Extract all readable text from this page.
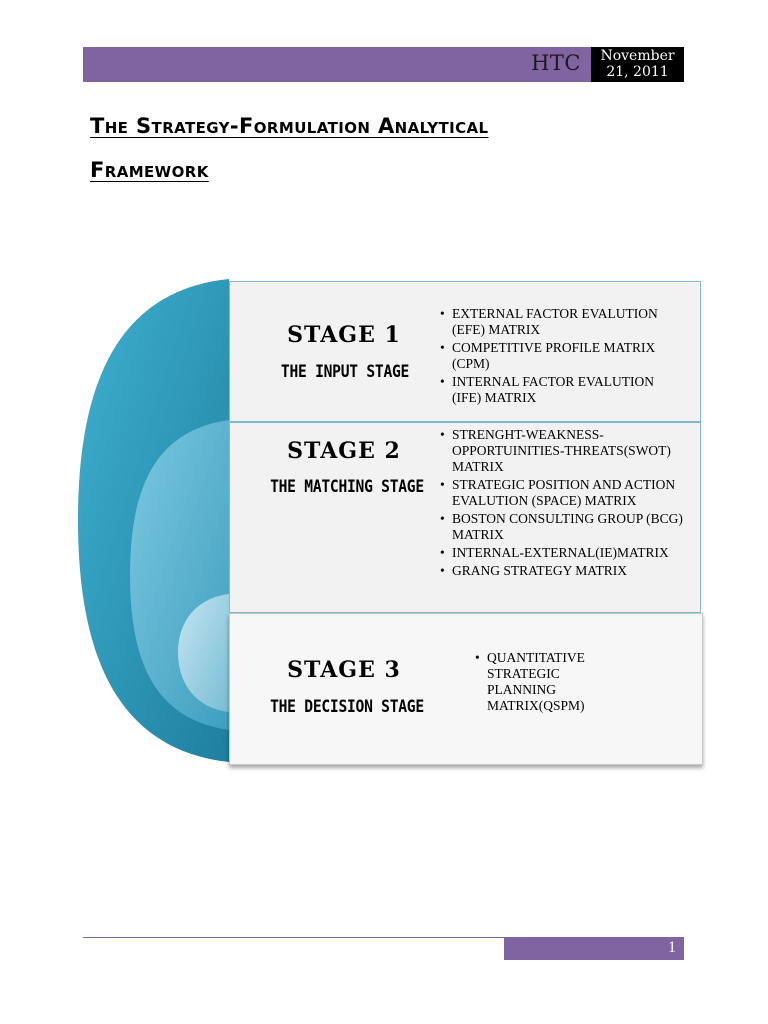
HTC	November
21, 2011
The Strategy-Formulation Analytical
Framework
STAGE 1
THE INPUT STAGE
• EXTERNAL FACTOR EVALUTION (EFE) MATRIX
• COMPETITIVE PROFILE MATRIX (CPM)
• INTERNAL FACTOR EVALUTION (IFE) MATRIX
STAGE 2
THE MATCHING STAGE
• STRENGHT-WEAKNESS-OPPORTUINITIES-THREATS(SWOT) MATRIX
• STRATEGIC POSITION AND ACTION EVALUTION (SPACE) MATRIX
• BOSTON CONSULTING GROUP (BCG) MATRIX
• INTERNAL-EXTERNAL(IE)MATRIX
• GRANG STRATEGY MATRIX
STAGE 3
THE DECISION STAGE
• QUANTITATIVE STRATEGIC PLANNING MATRIX(QSPM)
1
